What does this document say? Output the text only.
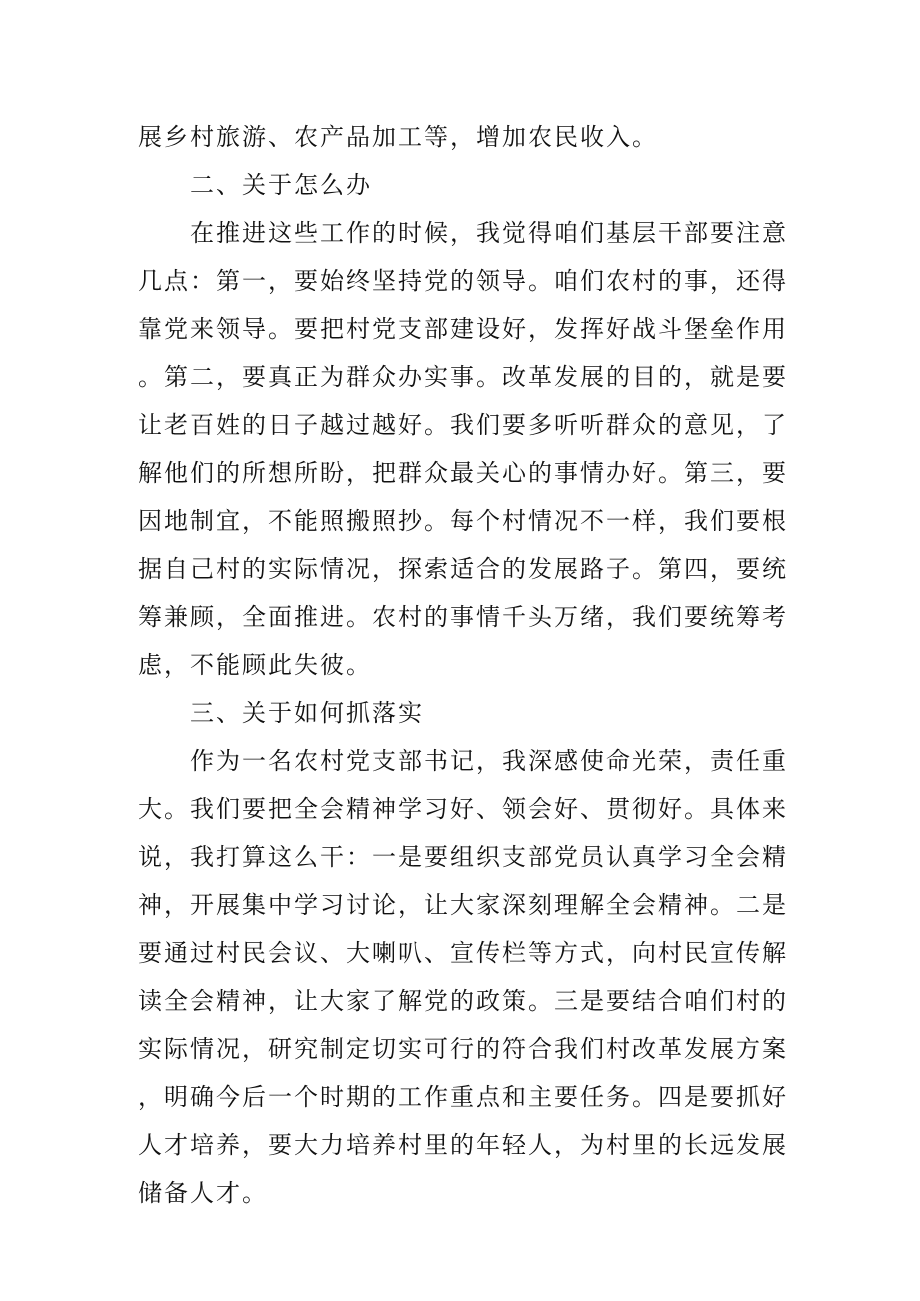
展乡村旅游、农产品加工等，增加农民收入。

二、关于怎么办

在推进这些工作的时候，我觉得咱们基层干部要注意几点：第一，要始终坚持党的领导。咱们农村的事，还得靠党来领导。要把村党支部建设好，发挥好战斗堡垒作用。第二，要真正为群众办实事。改革发展的目的，就是要让老百姓的日子越过越好。我们要多听听群众的意见，了解他们的所想所盼，把群众最关心的事情办好。第三，要因地制宜，不能照搬照抄。每个村情况不一样，我们要根据自己村的实际情况，探索适合的发展路子。第四，要统筹兼顾，全面推进。农村的事情千头万绪，我们要统筹考虑，不能顾此失彼。

三、关于如何抓落实

作为一名农村党支部书记，我深感使命光荣，责任重大。我们要把全会精神学习好、领会好、贯彻好。具体来说，我打算这么干：一是要组织支部党员认真学习全会精神，开展集中学习讨论，让大家深刻理解全会精神。二是要通过村民会议、大喇叭、宣传栏等方式，向村民宣传解读全会精神，让大家了解党的政策。三是要结合咱们村的实际情况，研究制定切实可行的符合我们村改革发展方案，明确今后一个时期的工作重点和主要任务。四是要抓好人才培养，要大力培养村里的年轻人，为村里的长远发展储备人才。
